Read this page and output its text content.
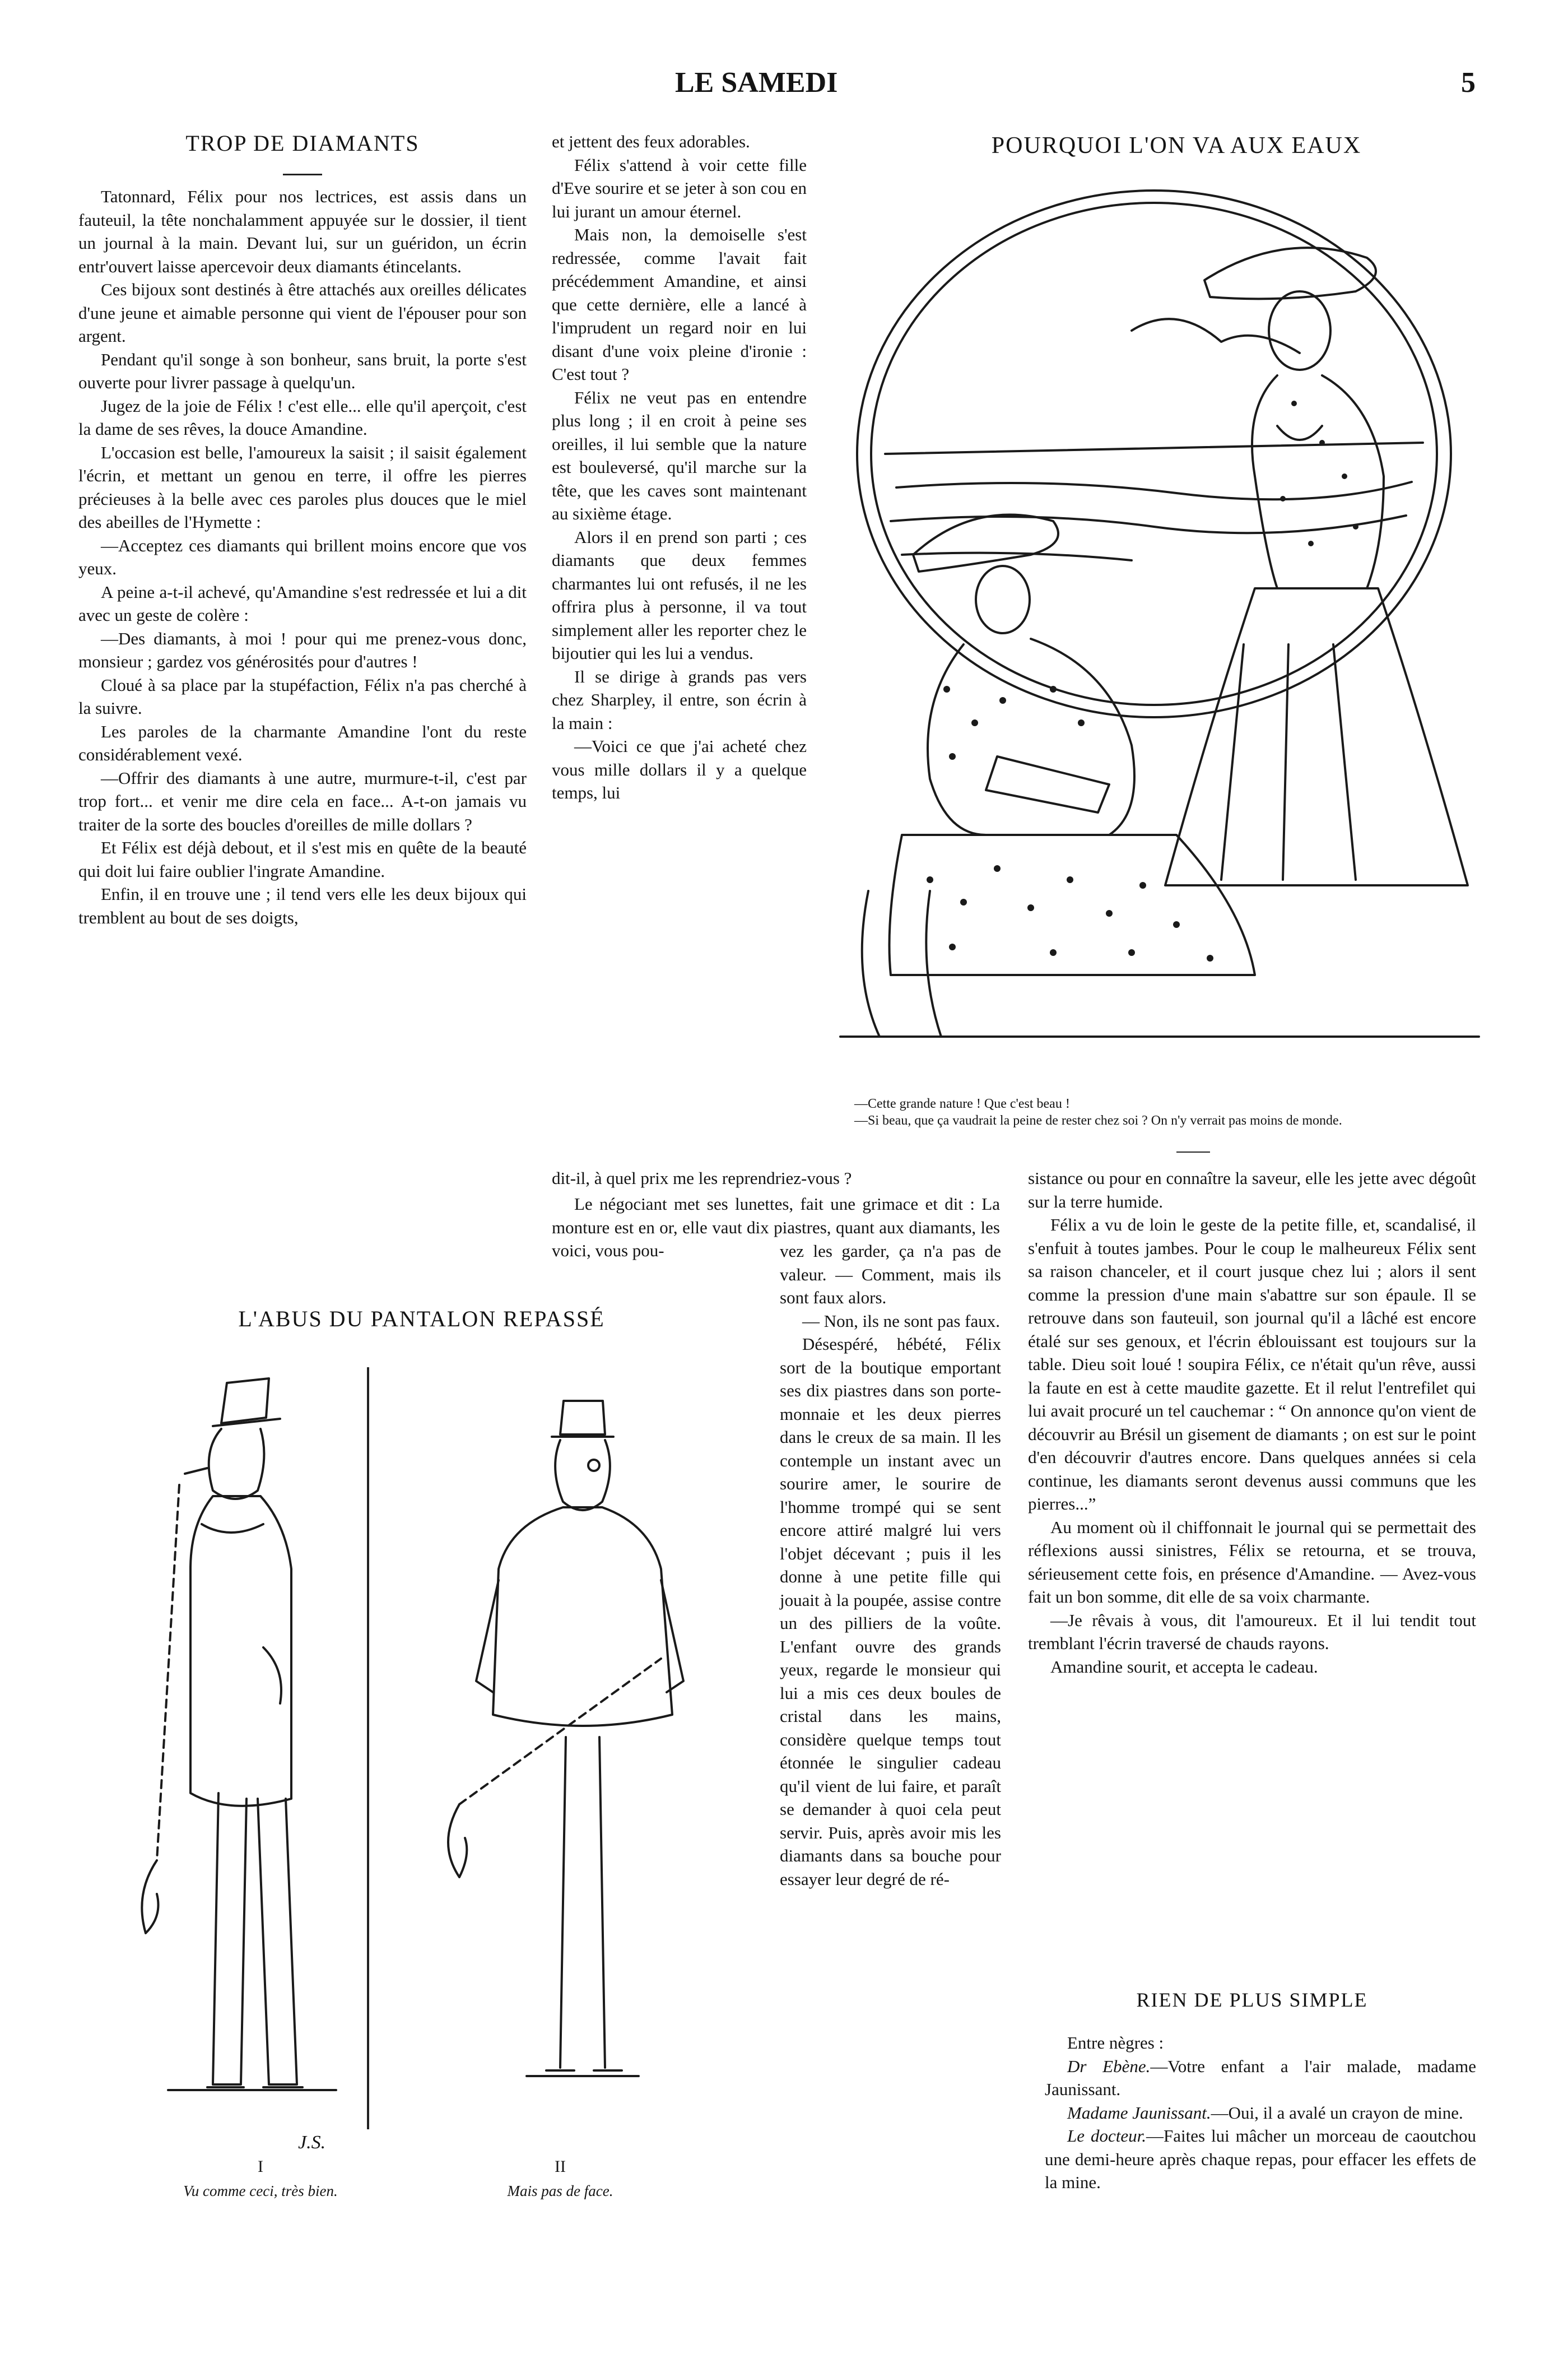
LE SAMEDI	5
TROP DE DIAMANTS

Tatonnard, Félix pour nos lectrices, est assis dans un fauteuil, la tête nonchalamment appuyée sur le dossier, il tient un journal à la main. Devant lui, sur un guéridon, un écrin entr'ouvert laisse apercevoir deux diamants étincelants.

Ces bijoux sont destinés à être attachés aux oreilles délicates d'une jeune et aimable personne qui vient de l'épouser pour son argent.

Pendant qu'il songe à son bonheur, sans bruit, la porte s'est ouverte pour livrer passage à quelqu'un.

Jugez de la joie de Félix ! c'est elle... elle qu'il aperçoit, c'est la dame de ses rêves, la douce Amandine.

L'occasion est belle, l'amoureux la saisit ; il saisit également l'écrin, et mettant un genou en terre, il offre les pierres précieuses à la belle avec ces paroles plus douces que le miel des abeilles de l'Hymette :

—Acceptez ces diamants qui brillent moins encore que vos yeux.

A peine a-t-il achevé, qu'Amandine s'est redressée et lui a dit avec un geste de colère :

—Des diamants, à moi ! pour qui me prenez-vous donc, monsieur ; gardez vos générosités pour d'autres !

Cloué à sa place par la stupéfaction, Félix n'a pas cherché à la suivre.

Les paroles de la charmante Amandine l'ont du reste considérablement vexé.

—Offrir des diamants à une autre, murmure-t-il, c'est par trop fort... et venir me dire cela en face... A-t-on jamais vu traiter de la sorte des boucles d'oreilles de mille dollars ?

Et Félix est déjà debout, et il s'est mis en quête de la beauté qui doit lui faire oublier l'ingrate Amandine.

Enfin, il en trouve une ; il tend vers elle les deux bijoux qui tremblent au bout de ses doigts,

et jettent des feux adorables.

Félix s'attend à voir cette fille d'Eve sourire et se jeter à son cou en lui jurant un amour éternel.

Mais non, la demoiselle s'est redressée, comme l'avait fait précédemment Amandine, et ainsi que cette dernière, elle a lancé à l'imprudent un regard noir en lui disant d'une voix pleine d'ironie : C'est tout ?

Félix ne veut pas en entendre plus long ; il en croit à peine ses oreilles, il lui semble que la nature est bouleversé, qu'il marche sur la tête, que les caves sont maintenant au sixième étage.

Alors il en prend son parti ; ces diamants que deux femmes charmantes lui ont refusés, il ne les offrira plus à personne, il va tout simplement aller les reporter chez le bijoutier qui les lui a vendus.

Il se dirige à grands pas vers chez Sharpley, il entre, son écrin à la main :

—Voici ce que j'ai acheté chez vous mille dollars il y a quelque temps, lui

dit-il, à quel prix me les reprendriez-vous ?

Le négociant met ses lunettes, fait une grimace et dit : La monture est en or, elle vaut dix piastres, quant aux diamants, les voici, vous pou-	vez les garder, ça n'a pas de valeur. — Comment, mais ils sont faux alors.

— Non, ils ne sont pas faux.

Désespéré, hébété, Félix sort de la boutique emportant ses dix piastres dans son porte-monnaie et les deux pierres dans le creux de sa main. Il les contemple un instant avec un sourire amer, le sourire de l'homme trompé qui se sent encore attiré malgré lui vers l'objet décevant ; puis il les donne à une petite fille qui jouait à la poupée, assise contre un des pilliers de la voûte. L'enfant ouvre des grands yeux, regarde le monsieur qui lui a mis ces deux boules de cristal dans les mains, considère quelque temps tout étonnée le singulier cadeau qu'il vient de lui faire, et paraît se demander à quoi cela peut servir. Puis, après avoir mis les diamants dans sa bouche pour essayer leur degré de ré-

sistance ou pour en connaître la saveur, elle les jette avec dégoût sur la terre humide.

Félix a vu de loin le geste de la petite fille, et, scandalisé, il s'enfuit à toutes jambes. Pour le coup le malheureux Félix sent sa raison chanceler, et il court jusque chez lui ; alors il sent comme la pression d'une main s'abattre sur son épaule. Il se retrouve dans son fauteuil, son journal qu'il a lâché est encore étalé sur ses genoux, et l'écrin éblouissant est toujours sur la table. Dieu soit loué ! soupira Félix, ce n'était qu'un rêve, aussi la faute en est à cette maudite gazette. Et il relut l'entrefilet qui lui avait procuré un tel cauchemar : “ On annonce qu'on vient de découvrir au Brésil un gisement de diamants ; on est sur le point d'en découvrir d'autres encore. Dans quelques années si cela continue, les diamants seront devenus aussi communs que les pierres...”

Au moment où il chiffonnait le journal qui se permettait des réflexions aussi sinistres, Félix se retourna, et se trouva, sérieusement cette fois, en présence d'Amandine. — Avez-vous fait un bon somme, dit elle de sa voix charmante.

—Je rêvais à vous, dit l'amoureux. Et il lui tendit tout tremblant l'écrin traversé de chauds rayons.

Amandine sourit, et accepta le cadeau.

POURQUOI L'ON VA AUX EAUX
—Cette grande nature ! Que c'est beau !
—Si beau, que ça vaudrait la peine de rester chez soi ? On n'y verrait pas moins de monde.
L'ABUS DU PANTALON REPASSÉ
J.S.
I
Vu comme ceci, très bien.
II
Mais pas de face.
RIEN DE PLUS SIMPLE

Entre nègres :

Dr Ebène.—Votre enfant a l'air malade, madame Jaunissant.

Madame Jaunissant.—Oui, il a avalé un crayon de mine.

Le docteur.—Faites lui mâcher un morceau de caoutchou une demi-heure après chaque repas, pour effacer les effets de la mine.
